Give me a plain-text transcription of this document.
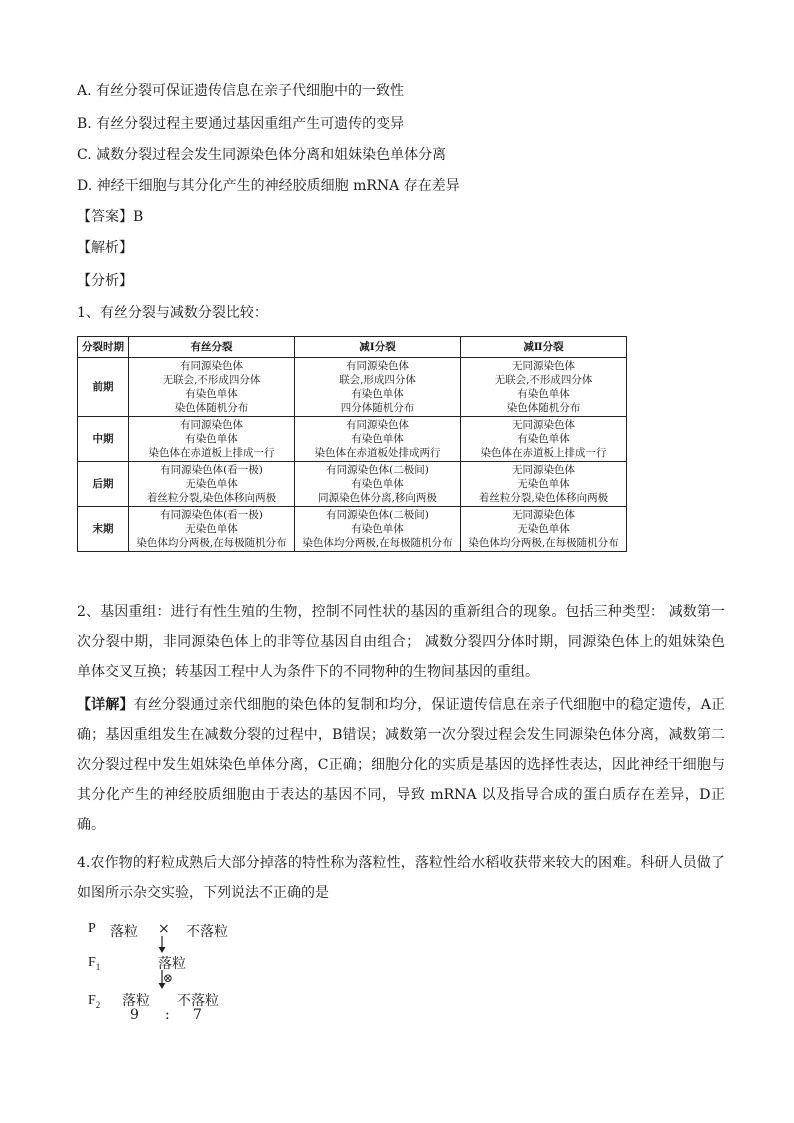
A. 有丝分裂可保证遗传信息在亲子代细胞中的一致性
B. 有丝分裂过程主要通过基因重组产生可遗传的变异
C. 减数分裂过程会发生同源染色体分离和姐妹染色单体分离
D. 神经干细胞与其分化产生的神经胶质细胞 mRNA 存在差异
【答案】B
【解析】
【分析】
1、有丝分裂与减数分裂比较：
分裂时期	有丝分裂	减Ⅰ分裂	减Ⅱ分裂
前期	有同源染色体
无联会,不形成四分体
有染色单体
染色体随机分布	有同源染色体
联会,形成四分体
有染色单体
四分体随机分布	无同源染色体
无联会,不形成四分体
有染色单体
染色体随机分布

中期	有同源染色体
有染色单体
染色体在赤道板上排成一行	有同源染色体
有染色单体
染色体在赤道板处排成两行	无同源染色体
有染色单体
染色体在赤道板上排成一行

后期	有同源染色体(看一极)
无染色单体
着丝粒分裂,染色体移向两极	有同源染色体(二极间)
有染色单体
同源染色体分离,移向两极	无同源染色体
无染色单体
着丝粒分裂,染色体移向两极

末期	有同源染色体(看一极)
无染色单体
染色体均分两极,在每极随机分布	有同源染色体(二极间)
有染色单体
染色体均分两极,在每极随机分布	无同源染色体
无染色单体
染色体均分两极,在每极随机分布
2、基因重组：进行有性生殖的生物，控制不同性状的基因的重新组合的现象。包括三种类型： 减数第一次分裂中期，非同源染色体上的非等位基因自由组合； 减数分裂四分体时期，同源染色体上的姐妹染色单体交叉互换；转基因工程中人为条件下的不同物种的生物间基因的重组。
【详解】有丝分裂通过亲代细胞的染色体的复制和均分，保证遗传信息在亲子代细胞中的稳定遗传，A正确；基因重组发生在减数分裂的过程中，B错误；减数第一次分裂过程会发生同源染色体分离，减数第二次分裂过程中发生姐妹染色单体分离，C正确；细胞分化的实质是基因的选择性表达，因此神经干细胞与其分化产生的神经胶质细胞由于表达的基因不同，导致 mRNA 以及指导合成的蛋白质存在差异，D正确。
4.农作物的籽粒成熟后大部分掉落的特性称为落粒性，落粒性给水稻收获带来较大的困难。科研人员做了如图所示杂交实验，下列说法不正确的是
P 落粒 × 不落粒
$F_1$	落粒
⊗
$F_2$ 落粒 不落粒
9 : 7
